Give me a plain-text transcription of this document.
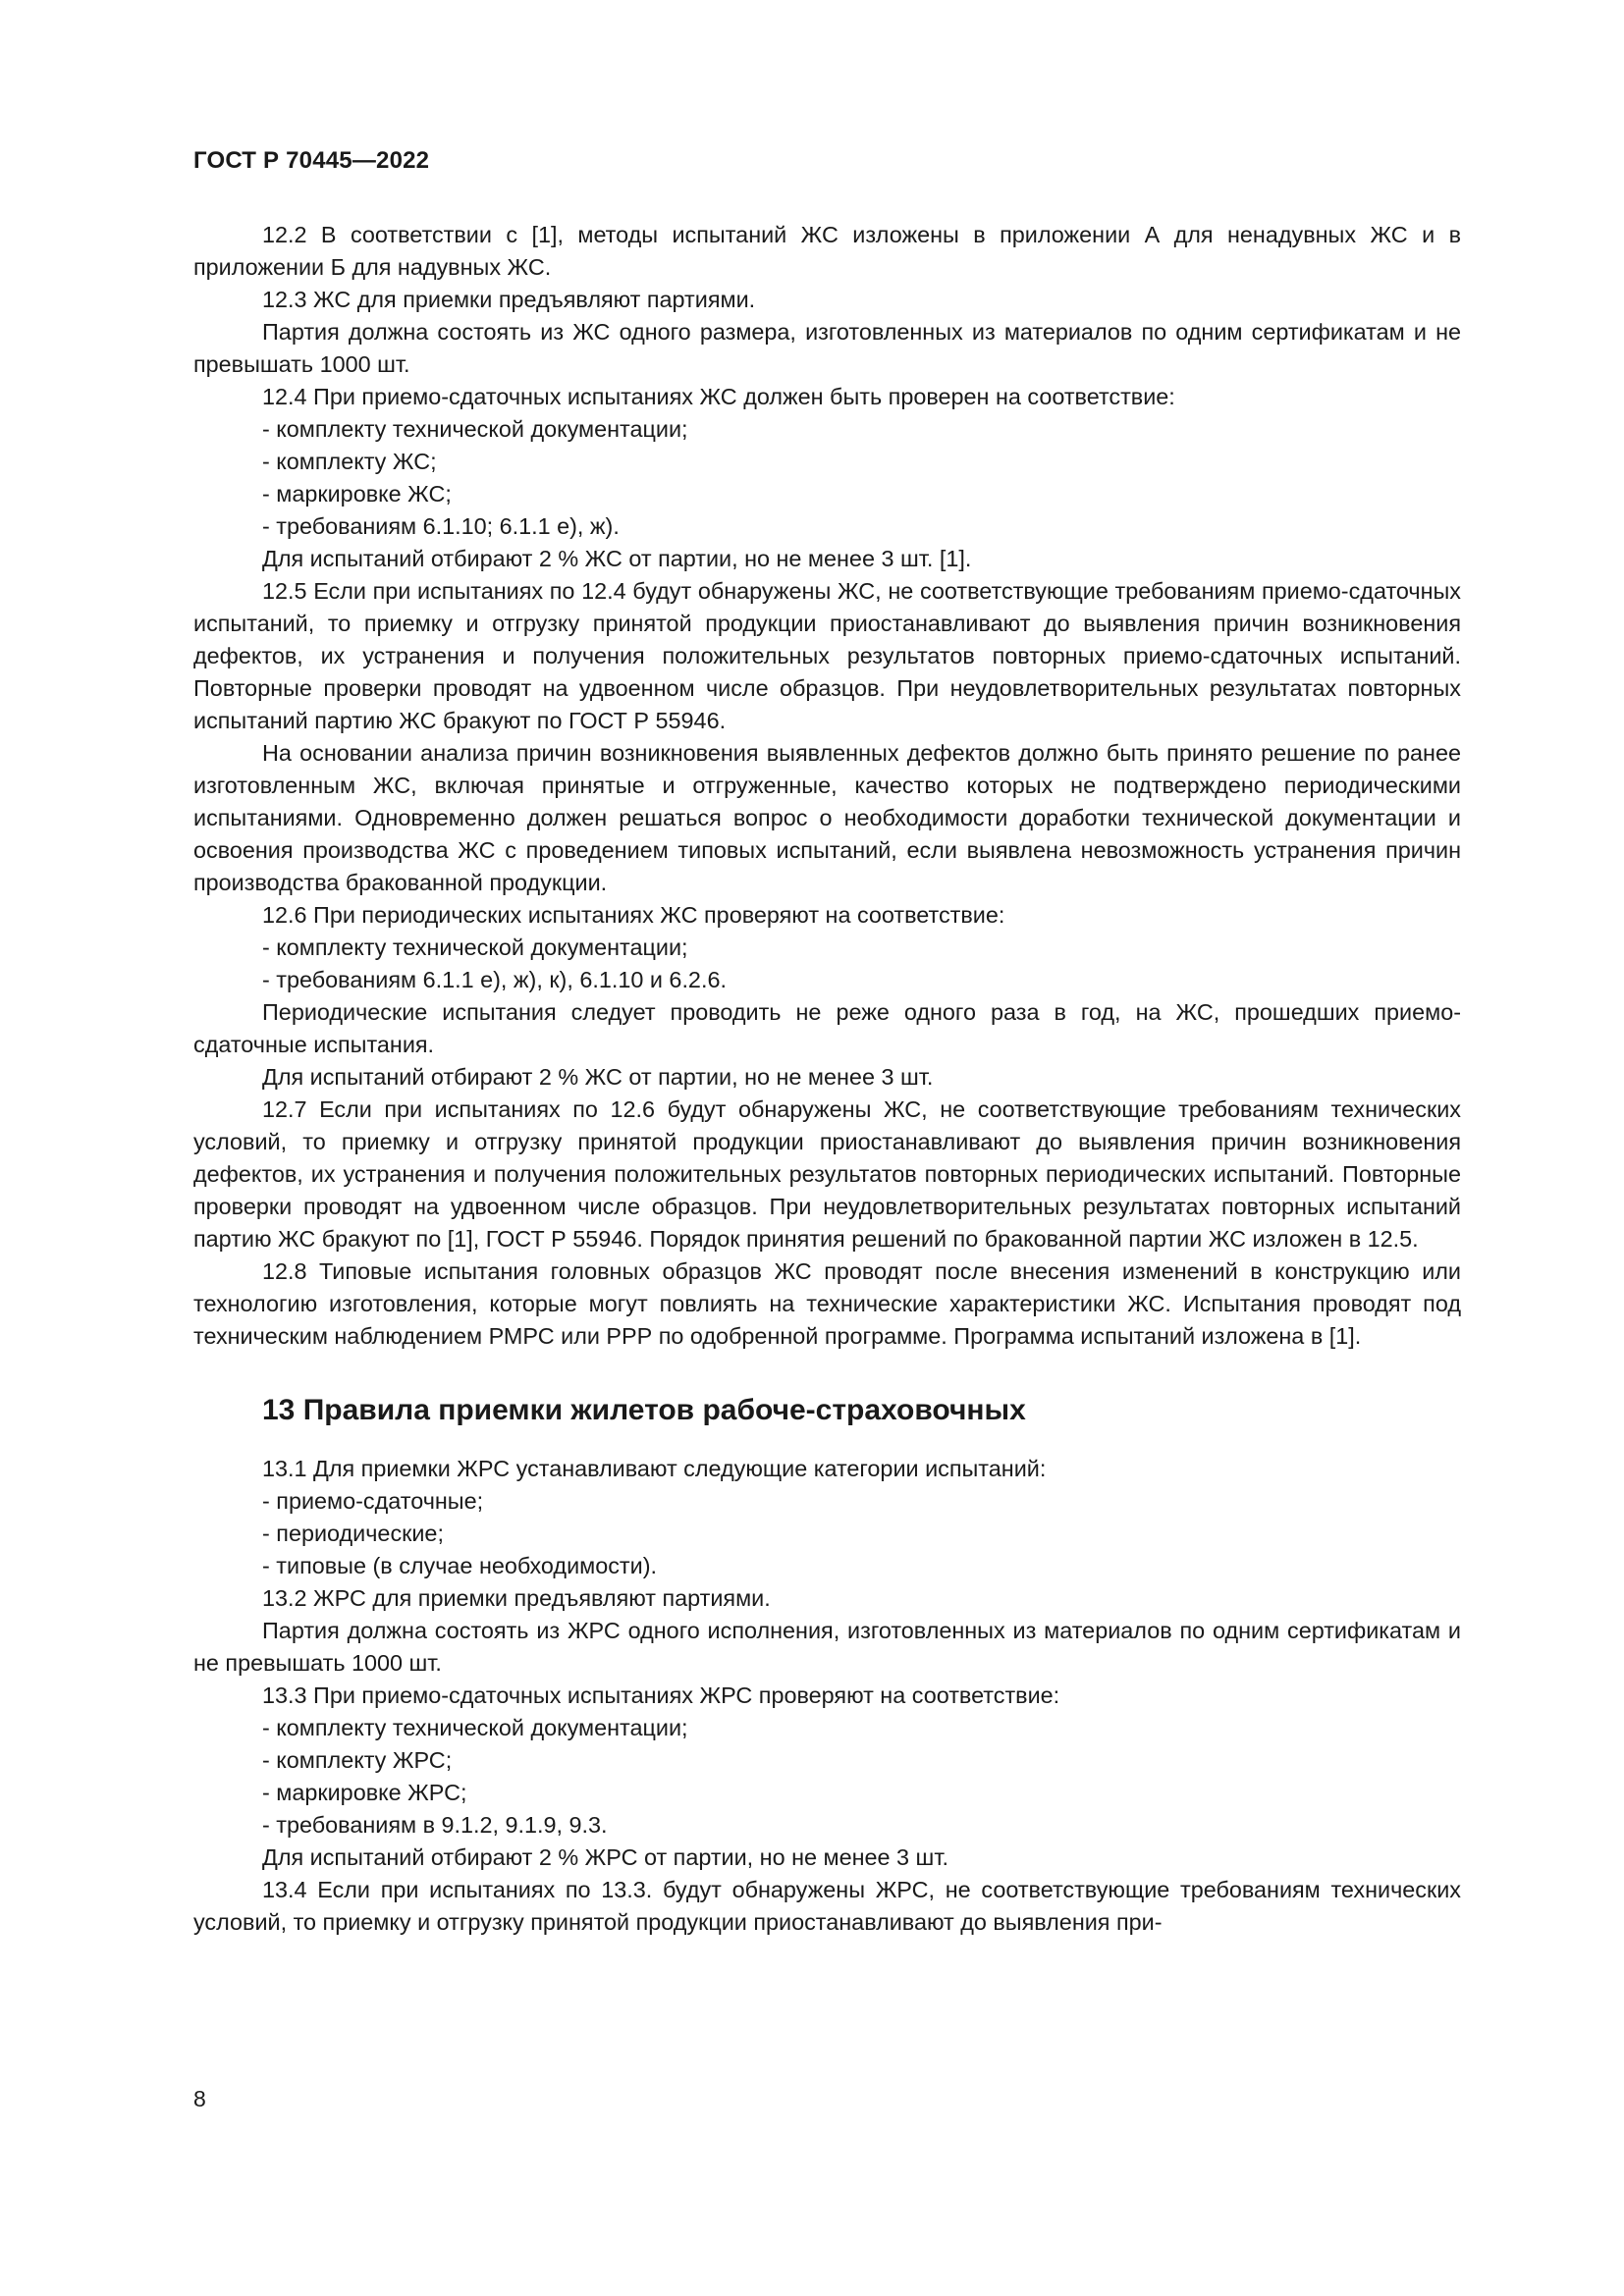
ГОСТ Р 70445—2022

12.2 В соответствии с [1], методы испытаний ЖС изложены в приложении А для ненадувных ЖС и в приложении Б для надувных ЖС.

12.3 ЖС для приемки предъявляют партиями.

Партия должна состоять из ЖС одного размера, изготовленных из материалов по одним сертификатам и не превышать 1000 шт.

12.4 При приемо-сдаточных испытаниях ЖС должен быть проверен на соответствие:

- комплекту технической документации;

- комплекту ЖС;

- маркировке ЖС;

- требованиям 6.1.10; 6.1.1 е), ж).

Для испытаний отбирают 2 % ЖС от партии, но не менее 3 шт. [1].

12.5 Если при испытаниях по 12.4 будут обнаружены ЖС, не соответствующие требованиям приемо-сдаточных испытаний, то приемку и отгрузку принятой продукции приостанавливают до выявления причин возникновения дефектов, их устранения и получения положительных результатов повторных приемо-сдаточных испытаний. Повторные проверки проводят на удвоенном числе образцов. При неудовлетворительных результатах повторных испытаний партию ЖС бракуют по ГОСТ Р 55946.

На основании анализа причин возникновения выявленных дефектов должно быть принято решение по ранее изготовленным ЖС, включая принятые и отгруженные, качество которых не подтверждено периодическими испытаниями. Одновременно должен решаться вопрос о необходимости доработки технической документации и освоения производства ЖС с проведением типовых испытаний, если выявлена невозможность устранения причин производства бракованной продукции.

12.6 При периодических испытаниях ЖС проверяют на соответствие:

- комплекту технической документации;

- требованиям 6.1.1 е), ж), к), 6.1.10 и 6.2.6.

Периодические испытания следует проводить не реже одного раза в год, на ЖС, прошедших приемо-сдаточные испытания.

Для испытаний отбирают 2 % ЖС от партии, но не менее 3 шт.

12.7 Если при испытаниях по 12.6 будут обнаружены ЖС, не соответствующие требованиям технических условий, то приемку и отгрузку принятой продукции приостанавливают до выявления причин возникновения дефектов, их устранения и получения положительных результатов повторных периодических испытаний. Повторные проверки проводят на удвоенном числе образцов. При неудовлетворительных результатах повторных испытаний партию ЖС бракуют по [1], ГОСТ Р 55946. Порядок принятия решений по бракованной партии ЖС изложен в 12.5.

12.8 Типовые испытания головных образцов ЖС проводят после внесения изменений в конструкцию или технологию изготовления, которые могут повлиять на технические характеристики ЖС. Испытания проводят под техническим наблюдением РМРС или РРР по одобренной программе. Программа испытаний изложена в [1].

13 Правила приемки жилетов рабоче-страховочных

13.1 Для приемки ЖРС устанавливают следующие категории испытаний:

- приемо-сдаточные;

- периодические;

- типовые (в случае необходимости).

13.2 ЖРС для приемки предъявляют партиями.

Партия должна состоять из ЖРС одного исполнения, изготовленных из материалов по одним сертификатам и не превышать 1000 шт.

13.3 При приемо-сдаточных испытаниях ЖРС проверяют на соответствие:

- комплекту технической документации;

- комплекту ЖРС;

- маркировке ЖРС;

- требованиям в 9.1.2, 9.1.9, 9.3.

Для испытаний отбирают 2 % ЖРС от партии, но не менее 3 шт.

13.4 Если при испытаниях по 13.3. будут обнаружены ЖРС, не соответствующие требованиям технических условий, то приемку и отгрузку принятой продукции приостанавливают до выявления при-

8
